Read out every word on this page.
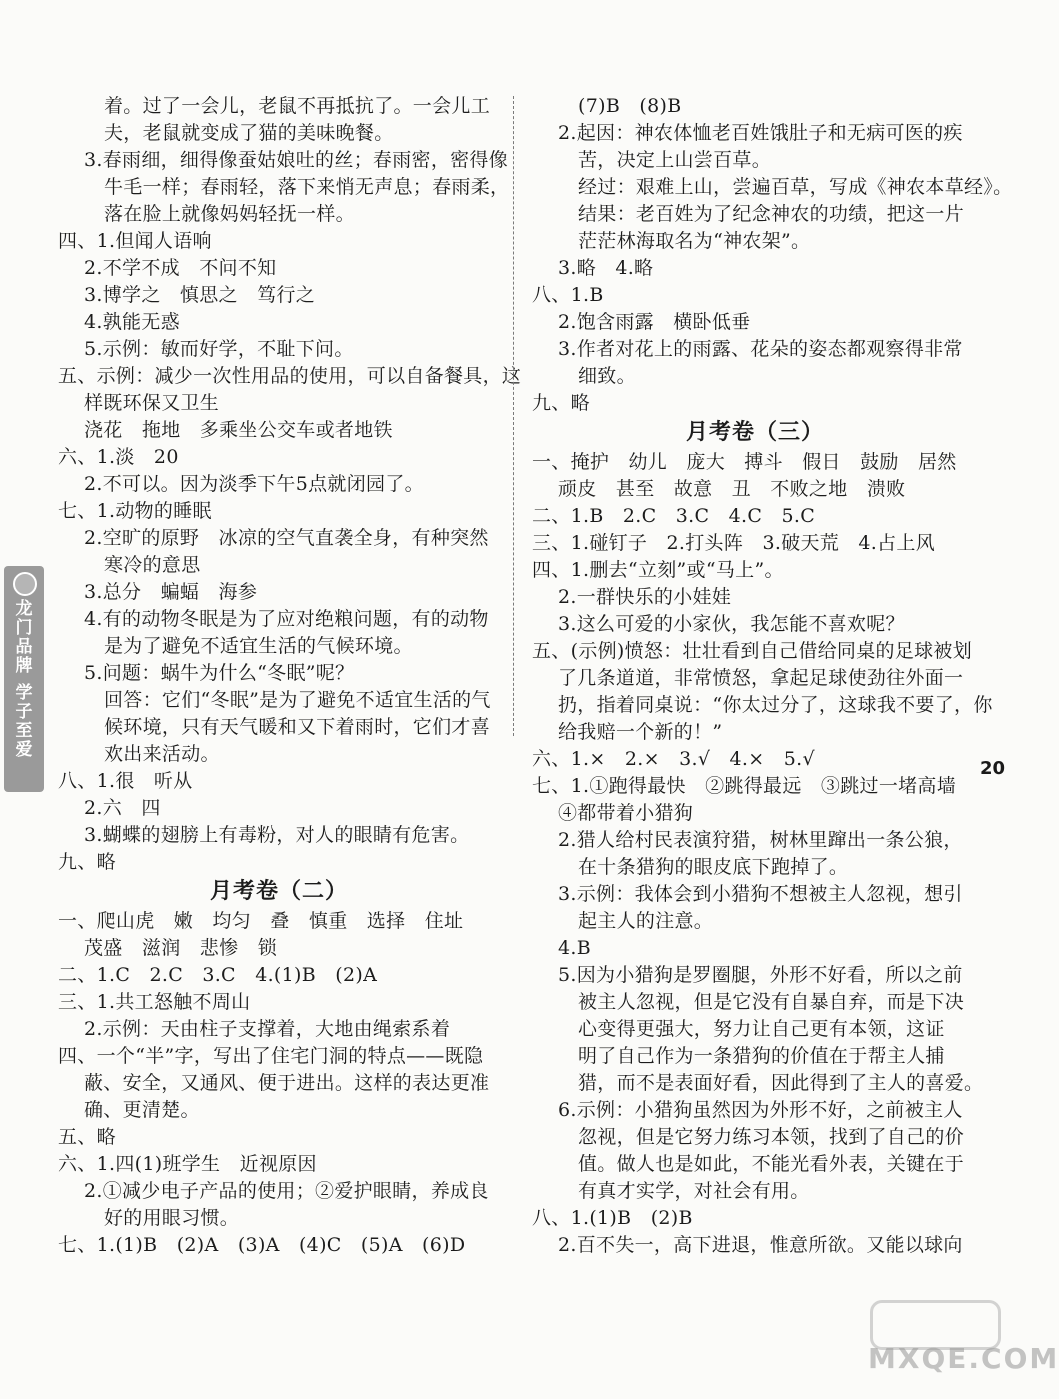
着。过了一会儿，老鼠不再抵抗了。一会儿工
夫，老鼠就变成了猫的美味晚餐。
3.春雨细，细得像蚕姑娘吐的丝；春雨密，密得像
牛毛一样；春雨轻，落下来悄无声息；春雨柔，
落在脸上就像妈妈轻抚一样。
四、1.但闻人语响
2.不学不成　不问不知
3.博学之　慎思之　笃行之
4.孰能无惑
5.示例：敏而好学，不耻下问。
五、示例：减少一次性用品的使用，可以自备餐具，这
样既环保又卫生
浇花　拖地　多乘坐公交车或者地铁
六、1.淡　20
2.不可以。因为淡季下午5点就闭园了。
七、1.动物的睡眠
2.空旷的原野　冰凉的空气直袭全身，有种突然
寒冷的意思
3.总分　蝙蝠　海参
4.有的动物冬眠是为了应对绝粮问题，有的动物
是为了避免不适宜生活的气候环境。
5.问题：蜗牛为什么“冬眠”呢？
回答：它们“冬眠”是为了避免不适宜生活的气
候环境，只有天气暖和又下着雨时，它们才喜
欢出来活动。
八、1.很　听从
2.六　四
3.蝴蝶的翅膀上有毒粉，对人的眼睛有危害。
九、略
月考卷（二）
一、爬山虎　嫩　均匀　叠　慎重　选择　住址
茂盛　滋润　悲惨　锁
二、1.C　2.C　3.C　4.(1)B　(2)A
三、1.共工怒触不周山
2.示例：天由柱子支撑着，大地由绳索系着
四、一个“半”字，写出了住宅门洞的特点——既隐
蔽、安全，又通风、便于进出。这样的表达更准
确、更清楚。
五、略
六、1.四(1)班学生　近视原因
2.①减少电子产品的使用；②爱护眼睛，养成良
好的用眼习惯。
七、1.(1)B　(2)A　(3)A　(4)C　(5)A　(6)D
(7)B　(8)B
2.起因：神农体恤老百姓饿肚子和无病可医的疾
苦，决定上山尝百草。
经过：艰难上山，尝遍百草，写成《神农本草经》。
结果：老百姓为了纪念神农的功绩，把这一片
茫茫林海取名为“神农架”。
3.略　4.略
八、1.B
2.饱含雨露　横卧低垂
3.作者对花上的雨露、花朵的姿态都观察得非常
细致。
九、略
月考卷（三）
一、掩护　幼儿　庞大　搏斗　假日　鼓励　居然
顽皮　甚至　故意　丑　不败之地　溃败
二、1.B　2.C　3.C　4.C　5.C
三、1.碰钉子　2.打头阵　3.破天荒　4.占上风
四、1.删去“立刻”或“马上”。
2.一群快乐的小娃娃
3.这么可爱的小家伙，我怎能不喜欢呢？
五、(示例)愤怒：壮壮看到自己借给同桌的足球被划
了几条道道，非常愤怒，拿起足球使劲往外面一
扔，指着同桌说：“你太过分了，这球我不要了，你
给我赔一个新的！”
六、1.×　2.×　3.√　4.×　5.√
七、1.①跑得最快　②跳得最远　③跳过一堵高墙
④都带着小猎狗
2.猎人给村民表演狩猎，树林里蹿出一条公狼，
在十条猎狗的眼皮底下跑掉了。
3.示例：我体会到小猎狗不想被主人忽视，想引
起主人的注意。
4.B
5.因为小猎狗是罗圈腿，外形不好看，所以之前
被主人忽视，但是它没有自暴自弃，而是下决
心变得更强大，努力让自己更有本领，这证
明了自己作为一条猎狗的价值在于帮主人捕
猎，而不是表面好看，因此得到了主人的喜爱。
6.示例：小猎狗虽然因为外形不好，之前被主人
忽视，但是它努力练习本领，找到了自己的价
值。做人也是如此，不能光看外表，关键在于
有真才实学，对社会有用。
八、1.(1)B　(2)B
2.百不失一，高下进退，惟意所欲。又能以球向
龙
门
品
牌
学
子
至
爱
20
MXQE.COM
